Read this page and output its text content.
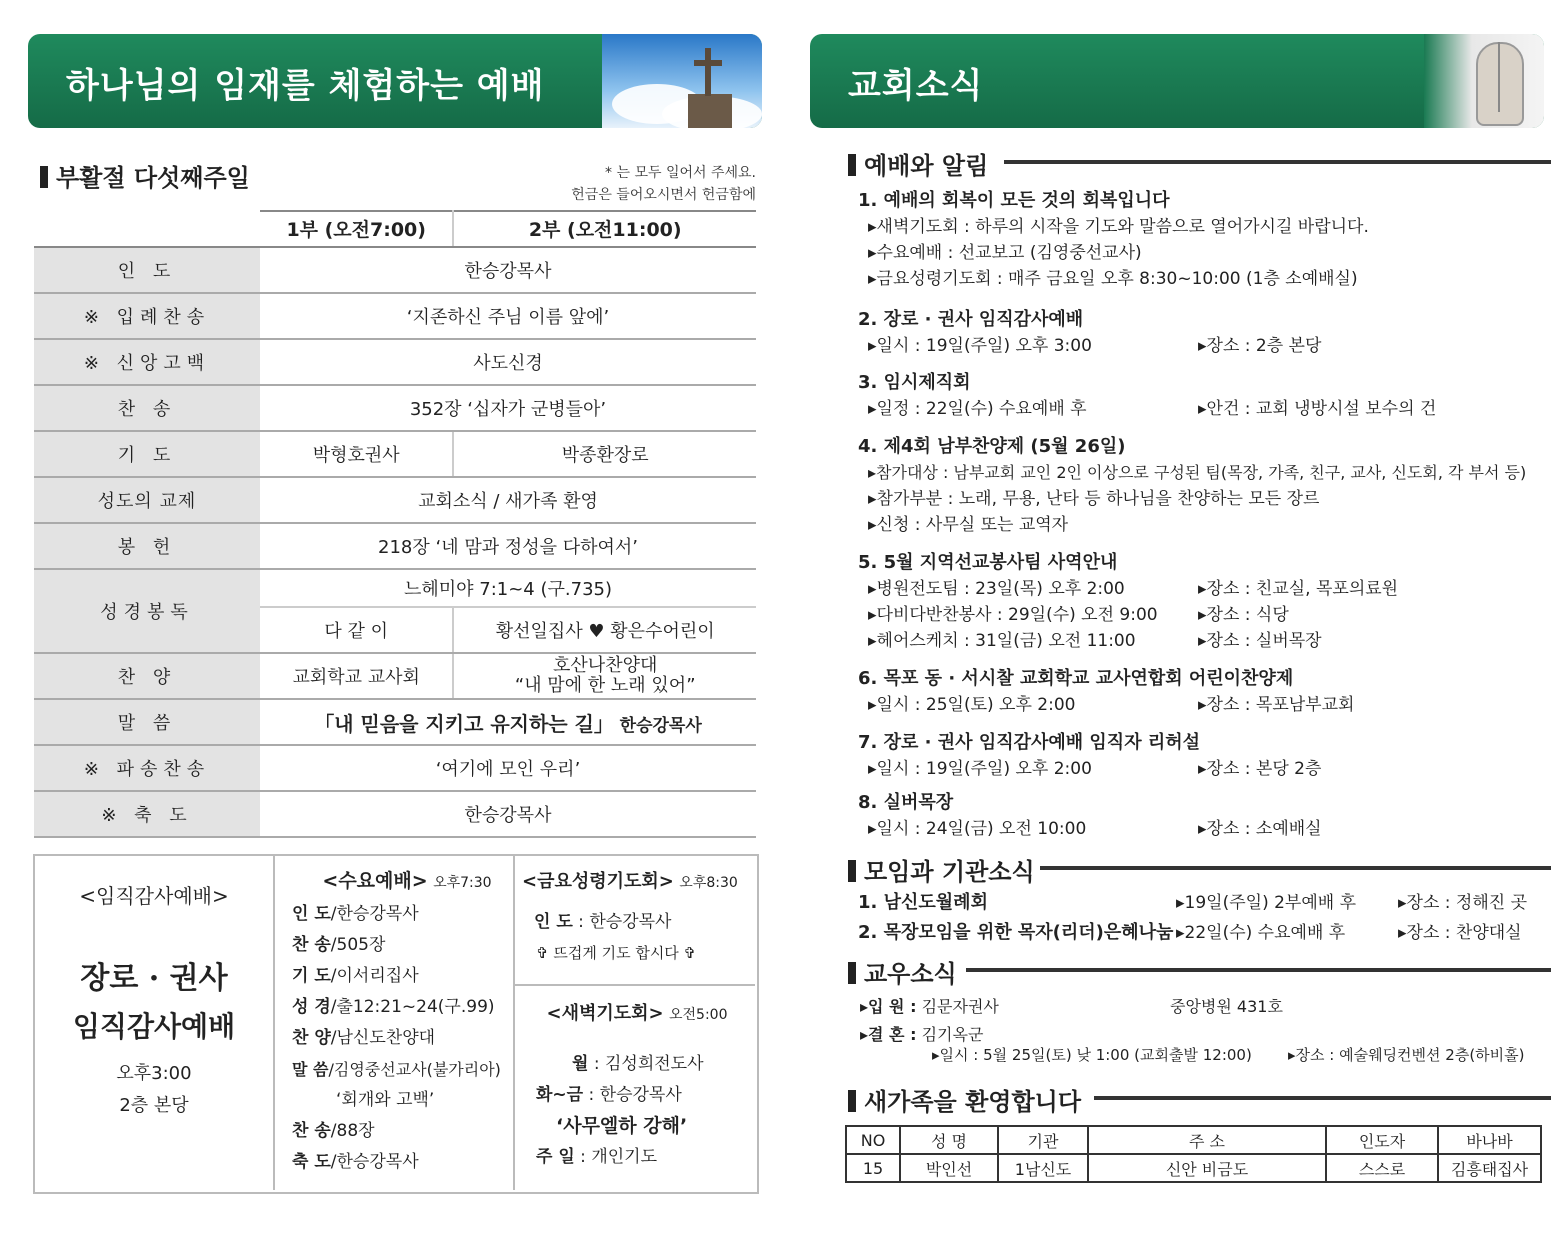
하나님의 임재를 체험하는 예배
부활절 다섯째주일	* 는 모두 일어서 주세요.
헌금은 들어오시면서 헌금함에
	1부 (오전7:00)	2부 (오전11:00)
인 도	한승강목사	
※ 입례찬송	‘지존하신 주님 이름 앞에’	
※ 신앙고백	사도신경	
찬 송	352장 ‘십자가 군병들아’	
기 도	박형호권사	박종환장로
성도의 교제	교회소식 / 새가족 환영	
봉 헌	218장 ‘네 맘과 정성을 다하여서’	
성경봉독	느헤미야 7:1~4 (구.735)	
	다 같 이	황선일집사 ♥ 황은수어린이
찬 양	교회학교 교사회	호산나찬양대
“내 맘에 한 노래 있어”

말 씀	「내 믿음을 지키고 유지하는 길」 한승강목사	
※ 파송찬송	‘여기에 모인 우리’	
※ 축 도	한승강목사	
<임직감사예배>
장로 · 권사
임직감사예배
오후3:00
2층 본당
<수요예배> 오후7:30
인 도/한승강목사
찬 송/505장
기 도/이서리집사
성 경/출12:21~24(구.99)
찬 양/남신도찬양대
말 씀/김영중선교사(불가리아)
‘회개와 고백’
찬 송/88장
축 도/한승강목사
<금요성령기도회> 오후8:30
인 도 : 한승강목사
✞ 뜨겁게 기도 합시다 ✞
<새벽기도회> 오전5:00
월 : 김성희전도사
화~금 : 한승강목사
‘사무엘하 강해’
주 일 : 개인기도
교회소식
예배와 알림
1. 예배의 회복이 모든 것의 회복입니다
▸새벽기도회 : 하루의 시작을 기도와 말씀으로 열어가시길 바랍니다.
▸수요예배 : 선교보고 (김영중선교사)
▸금요성령기도회 : 매주 금요일 오후 8:30~10:00 (1층 소예배실)
2. 장로 · 권사 임직감사예배
▸일시 : 19일(주일) 오후 3:00	▸장소 : 2층 본당
3. 임시제직회
▸일정 : 22일(수) 수요예배 후	▸안건 : 교회 냉방시설 보수의 건
4. 제4회 남부찬양제 (5월 26일)
▸참가대상 : 남부교회 교인 2인 이상으로 구성된 팀(목장, 가족, 친구, 교사, 신도회, 각 부서 등)
▸참가부분 : 노래, 무용, 난타 등 하나님을 찬양하는 모든 장르
▸신청 : 사무실 또는 교역자
5. 5월 지역선교봉사팀 사역안내
▸병원전도팀 : 23일(목) 오후 2:00	▸장소 : 친교실, 목포의료원
▸다비다반찬봉사 : 29일(수) 오전 9:00 ▸장소 : 식당
▸헤어스케치 : 31일(금) 오전 11:00	▸장소 : 실버목장
6. 목포 동 · 서시찰 교회학교 교사연합회 어린이찬양제
▸일시 : 25일(토) 오후 2:00	▸장소 : 목포남부교회
7. 장로 · 권사 임직감사예배 임직자 리허설
▸일시 : 19일(주일) 오후 2:00	▸장소 : 본당 2층
8. 실버목장
▸일시 : 24일(금) 오전 10:00	▸장소 : 소예배실
모임과 기관소식
1. 남신도월례회	▸19일(주일) 2부예배 후 ▸장소 : 정해진 곳
2. 목장모임을 위한 목자(리더)은혜나눔 ▸22일(수) 수요예배 후	▸장소 : 찬양대실
교우소식
▸입 원 : 김문자권사	중앙병원 431호
▸결 혼 : 김기옥군
▸일시 : 5월 25일(토) 낮 1:00 (교회출발 12:00) ▸장소 : 예술웨딩컨벤션 2층(하비홀)
새가족을 환영합니다
NO	성 명	기관	주 소	인도자	바나바
15	박인선	1남신도	신안 비금도	스스로	김흥태집사
